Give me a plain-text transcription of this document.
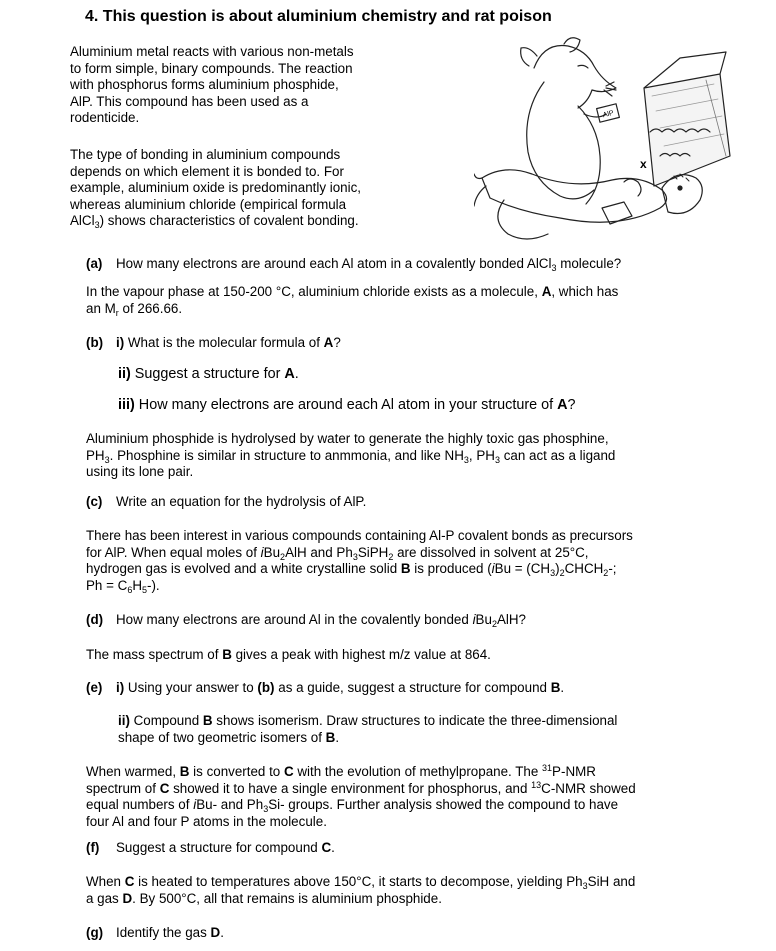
4. This question is about aluminium chemistry and rat poison
Aluminium metal reacts with various non-metals
to form simple, binary compounds. The reaction
with phosphorus forms aluminium phosphide,
AlP. This compound has been used as a
rodenticide.
The type of bonding in aluminium compounds
depends on which element it is bonded to. For
example, aluminium oxide is predominantly ionic,
whereas aluminium chloride (empirical formula
AlCl$_3$) shows characteristics of covalent bonding.
AlP
x
(a) How many electrons are around each Al atom in a covalently bonded AlCl$_3$ molecule?
In the vapour phase at 150-200 °C, aluminium chloride exists as a molecule, A, which has
an $M_r$ of 266.66.
(b) i) What is the molecular formula of A?
ii) Suggest a structure for A.
iii) How many electrons are around each Al atom in your structure of A?
Aluminium phosphide is hydrolysed by water to generate the highly toxic gas phosphine,
$PH_3$. Phosphine is similar in structure to anmmonia, and like $NH_3$, $PH_3$ can act as a ligand
using its lone pair.
(c) Write an equation for the hydrolysis of AlP.
There has been interest in various compounds containing Al-P covalent bonds as precursors
for AlP. When equal moles of iBu$_2$AlH and $Ph_3SiPH_2$ are dissolved in solvent at 25°C,
hydrogen gas is evolved and a white crystalline solid B is produced ($iBu = (CH_3)_2CHCH_2-$;
$Ph = C_6H_5-$).
(d) How many electrons are around Al in the covalently bonded iBu$_2$AlH?
The mass spectrum of B gives a peak with highest m/z value at 864.
(e) i) Using your answer to (b) as a guide, suggest a structure for compound B.
ii) Compound B shows isomerism. Draw structures to indicate the three-dimensional
shape of two geometric isomers of B.
When warmed, B is converted to C with the evolution of methylpropane. The $^{31}$P-NMR
spectrum of C showed it to have a single environment for phosphorus, and $^{13}$C-NMR showed
equal numbers of iBu- and $Ph_3Si-$ groups. Further analysis showed the compound to have
four Al and four P atoms in the molecule.
(f) Suggest a structure for compound C.
When C is heated to temperatures above 150°C, it starts to decompose, yielding $Ph_3SiH$ and
a gas D. By 500°C, all that remains is aluminium phosphide.
(g) Identify the gas D.
